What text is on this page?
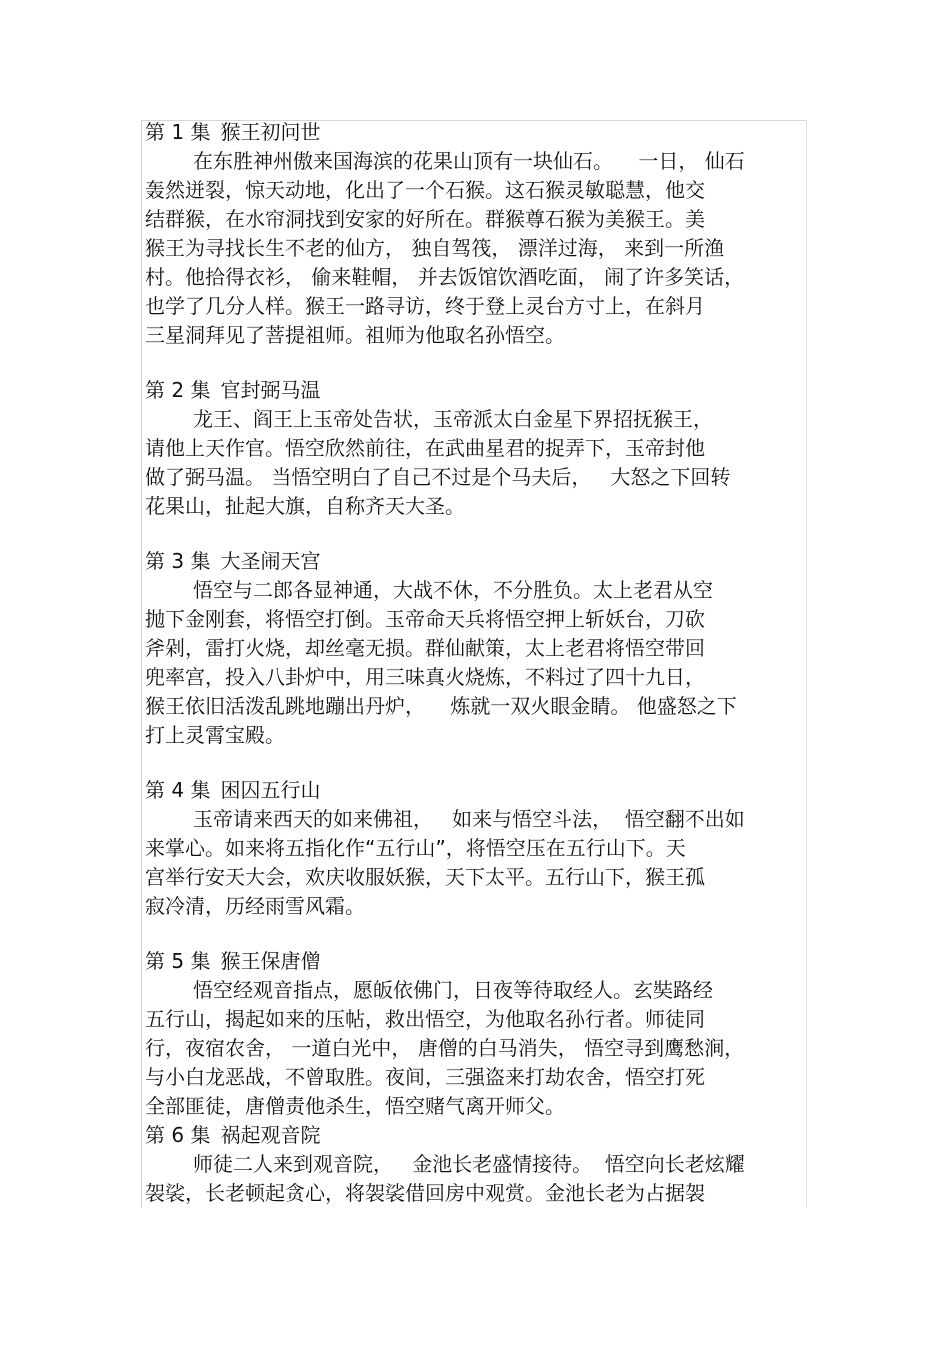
第 1 集 猴王初问世
在东胜神州傲来国海滨的花果山顶有一块仙石。    一日， 仙石
轰然迸裂，惊天动地，化出了一个石猴。这石猴灵敏聪慧，他交
结群猴，在水帘洞找到安家的好所在。群猴尊石猴为美猴王。美
猴王为寻找长生不老的仙方， 独自驾筏， 漂洋过海， 来到一所渔
村。他拾得衣衫， 偷来鞋帽， 并去饭馆饮酒吃面， 闹了许多笑话，
也学了几分人样。猴王一路寻访，终于登上灵台方寸上，在斜月
三星洞拜见了菩提祖师。祖师为他取名孙悟空。
第 2 集 官封弼马温
龙王、阎王上玉帝处告状，玉帝派太白金星下界招抚猴王，
请他上天作官。悟空欣然前往，在武曲星君的捉弄下，玉帝封他
做了弼马温。 当悟空明白了自己不过是个马夫后，   大怒之下回转
花果山，扯起大旗，自称齐天大圣。
第 3 集 大圣闹天宫
悟空与二郎各显神通，大战不休，不分胜负。太上老君从空
抛下金刚套，将悟空打倒。玉帝命天兵将悟空押上斩妖台，刀砍
斧剁，雷打火烧，却丝毫无损。群仙献策，太上老君将悟空带回
兜率宫，投入八卦炉中，用三味真火烧炼，不料过了四十九日，
猴王依旧活泼乱跳地蹦出丹炉，    炼就一双火眼金睛。 他盛怒之下
打上灵霄宝殿。
第 4 集 困囚五行山
玉帝请来西天的如来佛祖，   如来与悟空斗法，  悟空翻不出如
来掌心。如来将五指化作“五行山”，将悟空压在五行山下。天
宫举行安天大会，欢庆收服妖猴，天下太平。五行山下，猴王孤
寂冷清，历经雨雪风霜。
第 5 集 猴王保唐僧
悟空经观音指点，愿皈依佛门，日夜等待取经人。玄奘路经
五行山，揭起如来的压帖，救出悟空，为他取名孙行者。师徒同
行，夜宿农舍， 一道白光中， 唐僧的白马消失， 悟空寻到鹰愁涧，
与小白龙恶战，不曾取胜。夜间，三强盗来打劫农舍，悟空打死
全部匪徒，唐僧责他杀生，悟空赌气离开师父。
第 6 集 祸起观音院
师徒二人来到观音院，   金池长老盛情接待。  悟空向长老炫耀
袈裟，长老顿起贪心，将袈裟借回房中观赏。金池长老为占据袈
